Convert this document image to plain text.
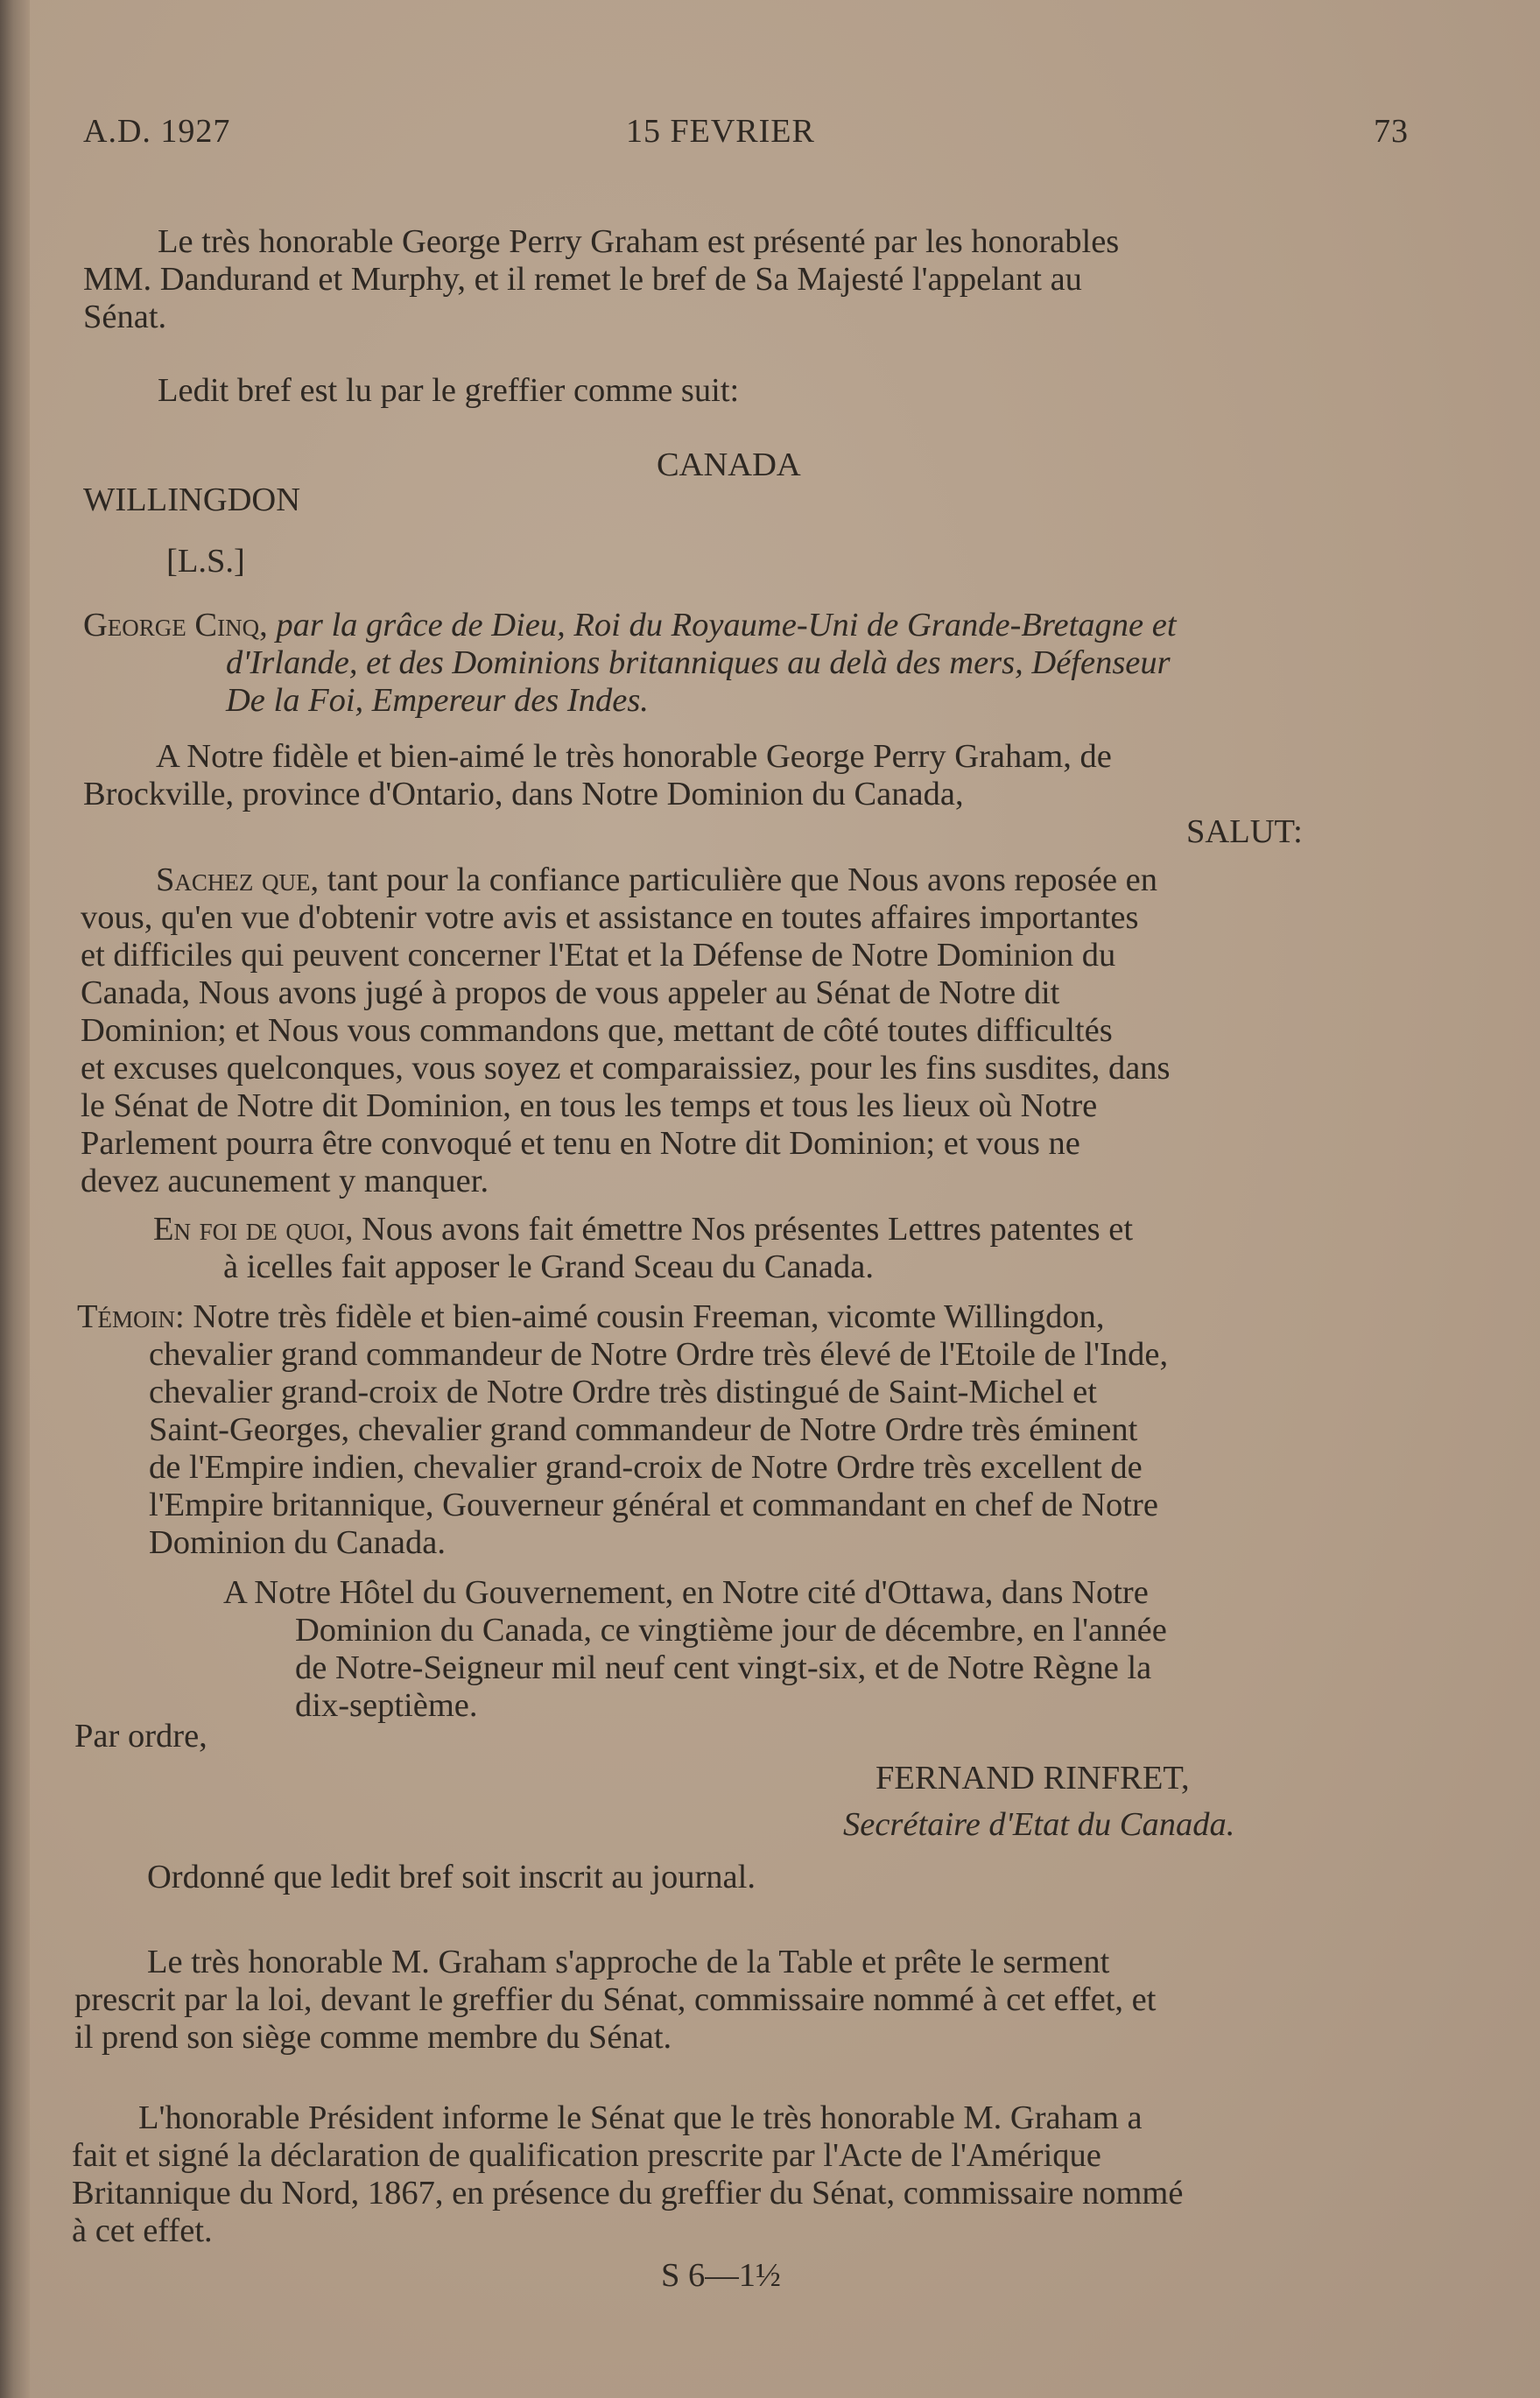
A.D. 1927	15 FEVRIER	73
Le très honorable George Perry Graham est présenté par les honorables
MM. Dandurand et Murphy, et il remet le bref de Sa Majesté l'appelant au
Sénat.
Ledit bref est lu par le greffier comme suit:
CANADA
WILLINGDON
[L.S.]
George Cinq, par la grâce de Dieu, Roi du Royaume-Uni de Grande-Bretagne et
d'Irlande, et des Dominions britanniques au delà des mers, Défenseur
De la Foi, Empereur des Indes.
A Notre fidèle et bien-aimé le très honorable George Perry Graham, de
Brockville, province d'Ontario, dans Notre Dominion du Canada,
SALUT:
Sachez que, tant pour la confiance particulière que Nous avons reposée en
vous, qu'en vue d'obtenir votre avis et assistance en toutes affaires importantes
et difficiles qui peuvent concerner l'Etat et la Défense de Notre Dominion du
Canada, Nous avons jugé à propos de vous appeler au Sénat de Notre dit
Dominion; et Nous vous commandons que, mettant de côté toutes difficultés
et excuses quelconques, vous soyez et comparaissiez, pour les fins susdites, dans
le Sénat de Notre dit Dominion, en tous les temps et tous les lieux où Notre
Parlement pourra être convoqué et tenu en Notre dit Dominion; et vous ne
devez aucunement y manquer.
En foi de quoi, Nous avons fait émettre Nos présentes Lettres patentes et
à icelles fait apposer le Grand Sceau du Canada.
Témoin: Notre très fidèle et bien-aimé cousin Freeman, vicomte Willingdon,
chevalier grand commandeur de Notre Ordre très élevé de l'Etoile de l'Inde,
chevalier grand-croix de Notre Ordre très distingué de Saint-Michel et
Saint-Georges, chevalier grand commandeur de Notre Ordre très éminent
de l'Empire indien, chevalier grand-croix de Notre Ordre très excellent de
l'Empire britannique, Gouverneur général et commandant en chef de Notre
Dominion du Canada.
A Notre Hôtel du Gouvernement, en Notre cité d'Ottawa, dans Notre
Dominion du Canada, ce vingtième jour de décembre, en l'année
de Notre-Seigneur mil neuf cent vingt-six, et de Notre Règne la
dix-septième.
Par ordre,
FERNAND RINFRET,
Secrétaire d'Etat du Canada.
Ordonné que ledit bref soit inscrit au journal.
Le très honorable M. Graham s'approche de la Table et prête le serment
prescrit par la loi, devant le greffier du Sénat, commissaire nommé à cet effet, et
il prend son siège comme membre du Sénat.
L'honorable Président informe le Sénat que le très honorable M. Graham a
fait et signé la déclaration de qualification prescrite par l'Acte de l'Amérique
Britannique du Nord, 1867, en présence du greffier du Sénat, commissaire nommé
à cet effet.
S 6—1½
